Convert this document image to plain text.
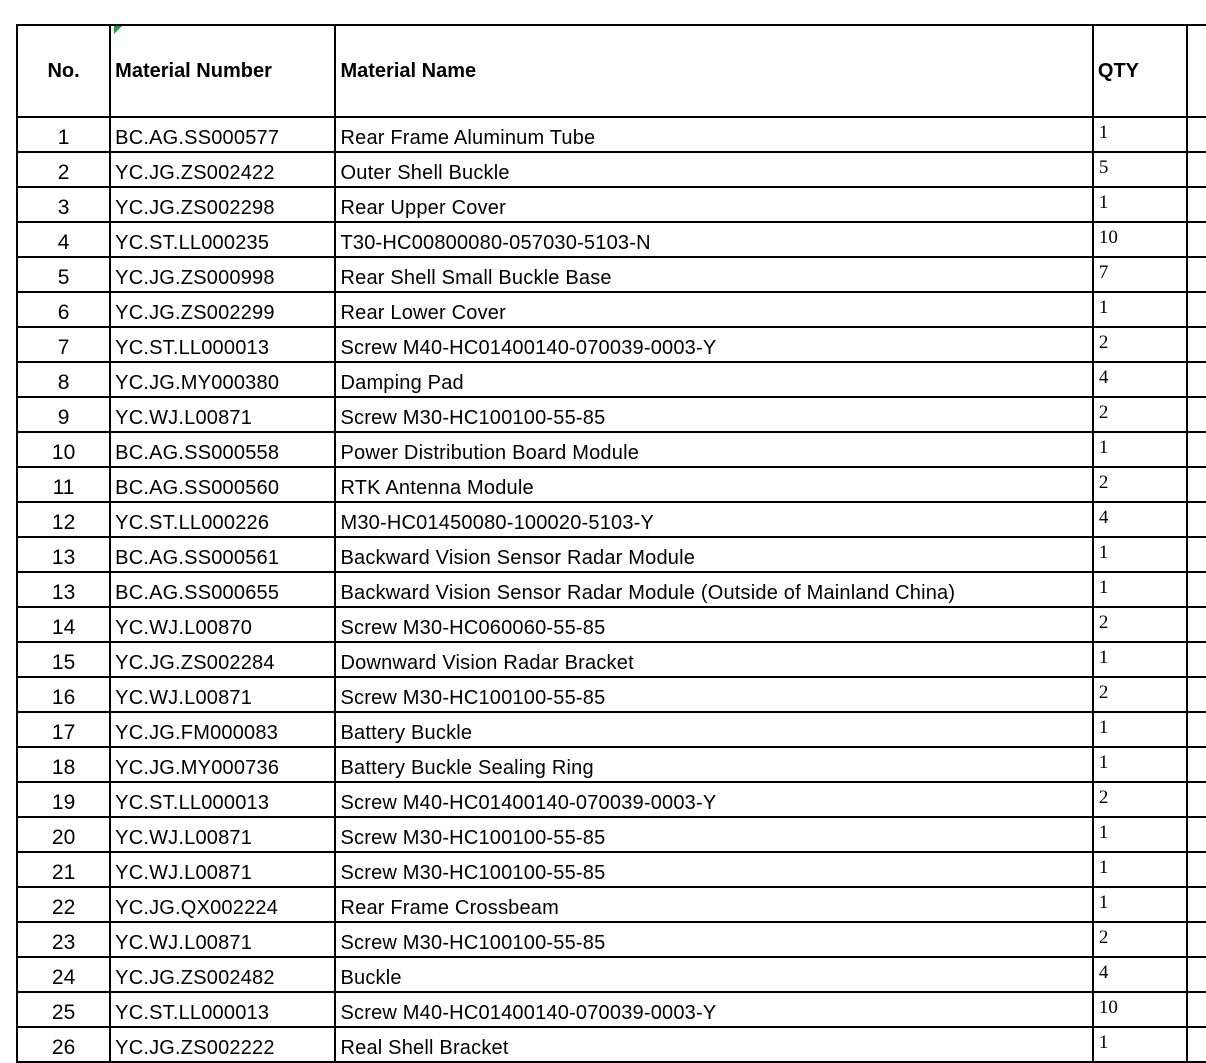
No.	Material Number	Material Name	QTY	
1	BC.AG.SS000577	Rear Frame Aluminum Tube	1	
2	YC.JG.ZS002422	Outer Shell Buckle	5	
3	YC.JG.ZS002298	Rear Upper Cover	1	
4	YC.ST.LL000235	T30-HC00800080-057030-5103-N	10	
5	YC.JG.ZS000998	Rear Shell Small Buckle Base	7	
6	YC.JG.ZS002299	Rear Lower Cover	1	
7	YC.ST.LL000013	Screw M40-HC01400140-070039-0003-Y	2	
8	YC.JG.MY000380	Damping Pad	4	
9	YC.WJ.L00871	Screw M30-HC100100-55-85	2	
10	BC.AG.SS000558	Power Distribution Board Module	1	
11	BC.AG.SS000560	RTK Antenna Module	2	
12	YC.ST.LL000226	M30-HC01450080-100020-5103-Y	4	
13	BC.AG.SS000561	Backward Vision Sensor Radar Module	1	
13	BC.AG.SS000655	Backward Vision Sensor Radar Module (Outside of Mainland China)	1	
14	YC.WJ.L00870	Screw M30-HC060060-55-85	2	
15	YC.JG.ZS002284	Downward Vision Radar Bracket	1	
16	YC.WJ.L00871	Screw M30-HC100100-55-85	2	
17	YC.JG.FM000083	Battery Buckle	1	
18	YC.JG.MY000736	Battery Buckle Sealing Ring	1	
19	YC.ST.LL000013	Screw M40-HC01400140-070039-0003-Y	2	
20	YC.WJ.L00871	Screw M30-HC100100-55-85	1	
21	YC.WJ.L00871	Screw M30-HC100100-55-85	1	
22	YC.JG.QX002224	Rear Frame Crossbeam	1	
23	YC.WJ.L00871	Screw M30-HC100100-55-85	2	
24	YC.JG.ZS002482	Buckle	4	
25	YC.ST.LL000013	Screw M40-HC01400140-070039-0003-Y	10	
26	YC.JG.ZS002222	Real Shell Bracket	1	
